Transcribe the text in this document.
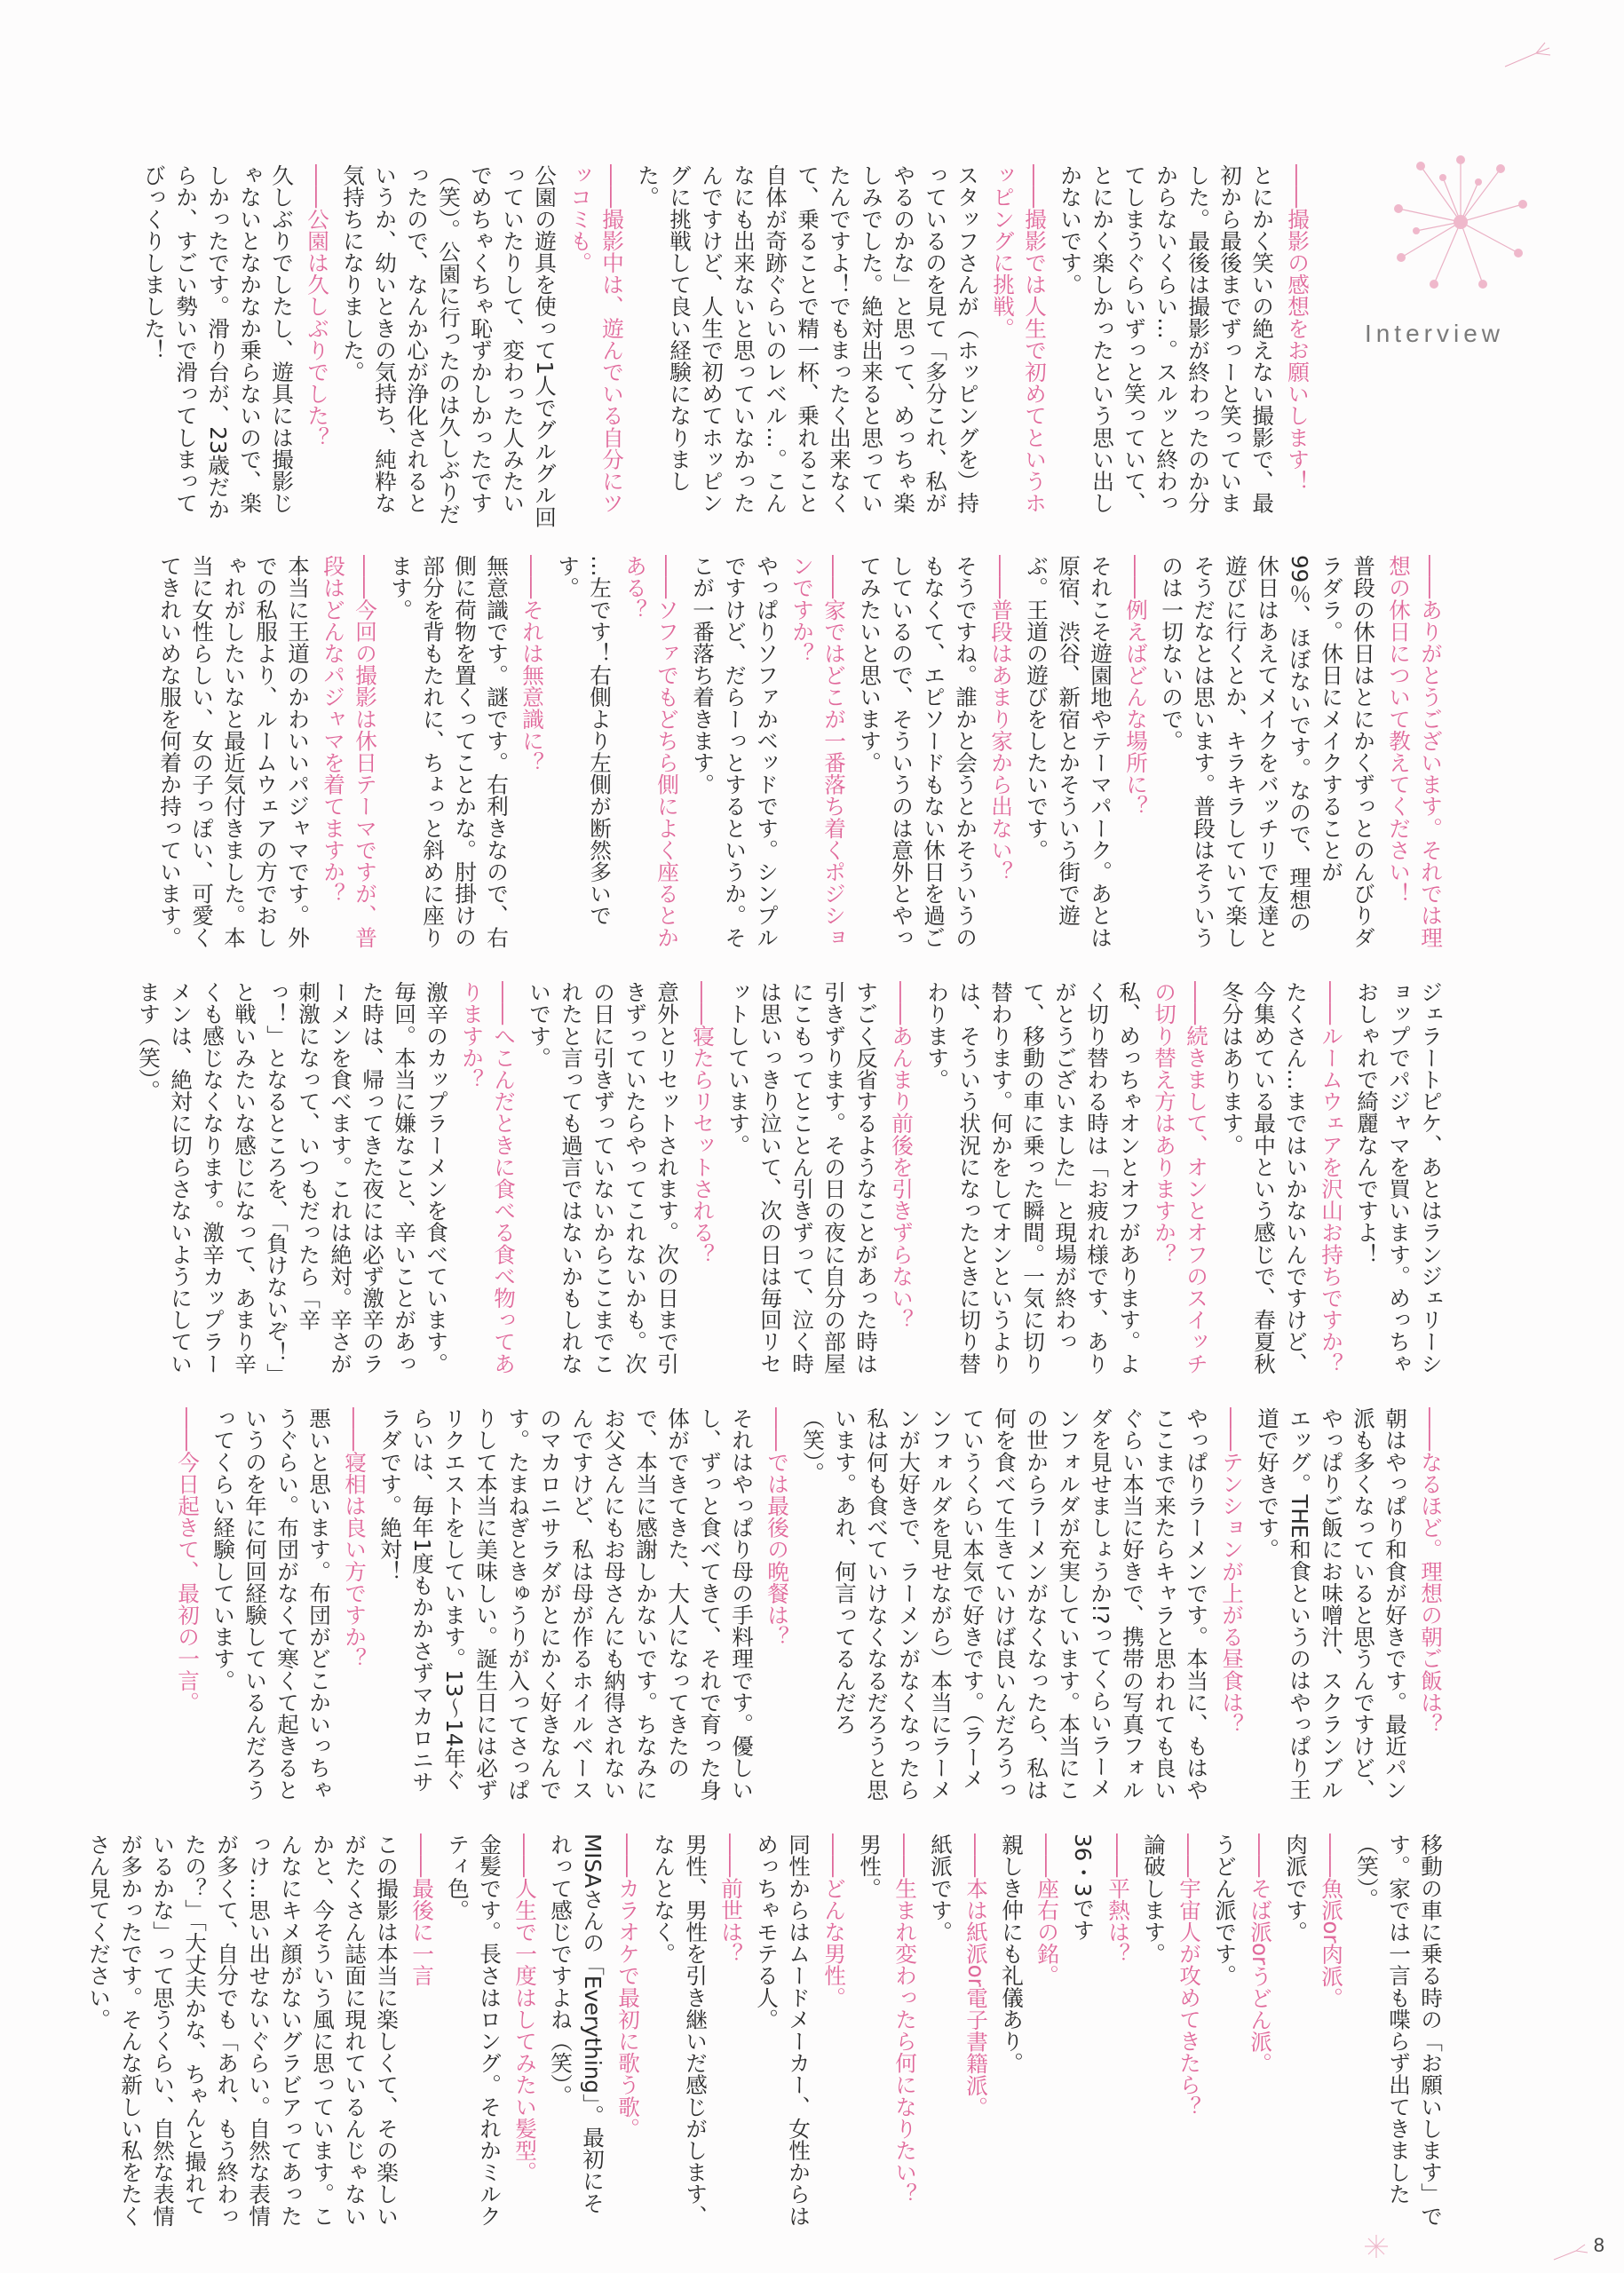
Interview
―― 撮影の感想をお願いします！
とにかく笑いの絶えない撮影で、最初から最後までずっーと笑っていました。最後は撮影が終わったのか分からないくらい…。スルッと終わってしまうぐらいずっと笑っていて、とにかく楽しかったという思い出しかないです。
―― 撮影では人生で初めてというホッピングに挑戦。
スタッフさんが（ホッピングを）持っているのを見て「多分これ、私がやるのかな」と思って、めっちゃ楽しみでした。絶対出来ると思っていたんですよ！でもまったく出来なくて、乗ることで精一杯、乗れること自体が奇跡ぐらいのレベル…。こんなにも出来ないと思っていなかったんですけど、人生で初めてホッピングに挑戦して良い経験になりました。
―― 撮影中は、遊んでいる自分にツッコミも。
公園の遊具を使って1人でグルグル回っていたりして、変わった人みたいでめちゃくちゃ恥ずかしかったです（笑）。公園に行ったのは久しぶりだったので、なんか心が浄化されるというか、幼いときの気持ち、純粋な気持ちになりました。
―― 公園は久しぶりでした？
久しぶりでしたし、遊具には撮影じゃないとなかなか乗らないので、楽しかったです。滑り台が、23歳だからか、すごい勢いで滑ってしまってびっくりしました！
―― ありがとうございます。それでは理想の休日について教えてください！
普段の休日はとにかくずっとのんびりダラダラ。休日にメイクすることが99％、ほぼないです。なので、理想の休日はあえてメイクをバッチリで友達と遊びに行くとか、キラキラしていて楽しそうだなとは思います。普段はそういうのは一切ないので。
―― 例えばどんな場所に？
それこそ遊園地やテーマパーク。あとは原宿、渋谷、新宿とかそういう街で遊ぶ。王道の遊びをしたいです。
―― 普段はあまり家から出ない？
そうですね。誰かと会うとかそういうのもなくて、エピソードもない休日を過ごしているので、そういうのは意外とやってみたいと思います。
―― 家ではどこが一番落ち着くポジションですか？
やっぱりソファかベッドです。シンプルですけど、だらーっとするというか。そこが一番落ち着きます。
―― ソファでもどちら側によく座るとかある？
…左です！右側より左側が断然多いです。
―― それは無意識に？
無意識です。謎です。右利きなので、右側に荷物を置くってことかな。肘掛けの部分を背もたれに、ちょっと斜めに座ります。
―― 今回の撮影は休日テーマですが、普段はどんなパジャマを着てますか？
本当に王道のかわいいパジャマです。外での私服より、ルームウェアの方でおしゃれがしたいなと最近気付きました。本当に女性らしい、女の子っぽい、可愛くてきれいめな服を何着か持っています。
ジェラートピケ、あとはランジェリーショップでパジャマを買います。めっちゃおしゃれで綺麗なんですよ！
―― ルームウェアを沢山お持ちですか？
たくさん…まではいかないんですけど、今集めている最中という感じで、春夏秋冬分はあります。
―― 続きまして、オンとオフのスイッチの切り替え方はありますか？
私、めっちゃオンとオフがあります。よく切り替わる時は「お疲れ様です、ありがとうございました」と現場が終わって、移動の車に乗った瞬間。一気に切り替わります。何かをしてオンというよりは、そういう状況になったときに切り替わります。
―― あんまり前後を引きずらない？
すごく反省するようなことがあった時は引きずります。その日の夜に自分の部屋にこもってとことん引きずって、泣く時は思いっきり泣いて、次の日は毎回リセットしています。
―― 寝たらリセットされる？
意外とリセットされます。次の日まで引きずっていたらやってこれないかも。次の日に引きずっていないからここまでこれたと言っても過言ではないかもしれないです。
―― へこんだときに食べる食べ物ってありますか？
激辛のカップラーメンを食べています。毎回。本当に嫌なこと、辛いことがあった時は、帰ってきた夜には必ず激辛のラーメンを食べます。これは絶対。辛さが刺激になって、いつもだったら「辛っ！」となるところを、「負けないぞ！」と戦いみたいな感じになって、あまり辛くも感じなくなります。激辛カップラーメンは、絶対に切らさないようにしています（笑）。
―― なるほど。理想の朝ご飯は？
朝はやっぱり和食が好きです。最近パン派も多くなっていると思うんですけど、やっぱりご飯にお味噌汁、スクランブルエッグ。THE和食というのはやっぱり王道で好きです。
―― テンションが上がる昼食は？
やっぱりラーメンです。本当に、もはやここまで来たらキャラと思われても良いぐらい本当に好きで、携帯の写真フォルダを見せましょうか!?ってくらいラーメンフォルダが充実しています。本当にこの世からラーメンがなくなったら、私は何を食べて生きていけば良いんだろうっていうくらい本気で好きです。（ラーメンフォルダを見せながら）本当にラーメンが大好きで、ラーメンがなくなったら私は何も食べていけなくなるだろうと思います。あれ、何言ってるんだろ（笑）。
―― では最後の晩餐は？
それはやっぱり母の手料理です。優しいし、ずっと食べてきて、それで育った身体ができてきた、大人になってきたので、本当に感謝しかないです。ちなみにお父さんにもお母さんにも納得されないんですけど、私は母が作るホイルベースのマカロニサラダがとにかく好きなんです。たまねぎときゅうりが入ってさっぱりして本当に美味しい。誕生日には必ずリクエストをしています。13～14年ぐらいは、毎年1度もかかさずマカロニサラダです。絶対！
―― 寝相は良い方ですか？
悪いと思います。布団がどこかいっちゃうぐらい。布団がなくて寒くて起きるというのを年に何回経験しているんだろうってくらい経験しています。
―― 今日起きて、最初の一言。
移動の車に乗る時の「お願いします」です。家では一言も喋らず出てきました（笑）。
―― 魚派or肉派。
肉派です。
―― そば派orうどん派。
うどん派です。
―― 宇宙人が攻めてきたら？
論破します。
―― 平熱は？
36・3です
―― 座右の銘。
親しき仲にも礼儀あり。
―― 本は紙派or電子書籍派。
紙派です。
―― 生まれ変わったら何になりたい？
男性。
―― どんな男性。
同性からはムードメーカー、女性からはめっちゃモテる人。
―― 前世は？
男性、男性を引き継いだ感じがします、なんとなく。
―― カラオケで最初に歌う歌。
MISAさんの「Everything」。最初にそれって感じですよね（笑）。
―― 人生で一度はしてみたい髪型。
金髪です。長さはロング。それかミルクティ色。
―― 最後に一言
この撮影は本当に楽しくて、その楽しいがたくさん誌面に現れているんじゃないかと、今そういう風に思っています。こんなにキメ顔がないグラビアってあったっけ…思い出せないぐらい。自然な表情が多くて、自分でも「あれ、もう終わったの？」「大丈夫かな、ちゃんと撮れているかな」って思うくらい、自然な表情が多かったです。そんな新しい私をたくさん見てください。
8
